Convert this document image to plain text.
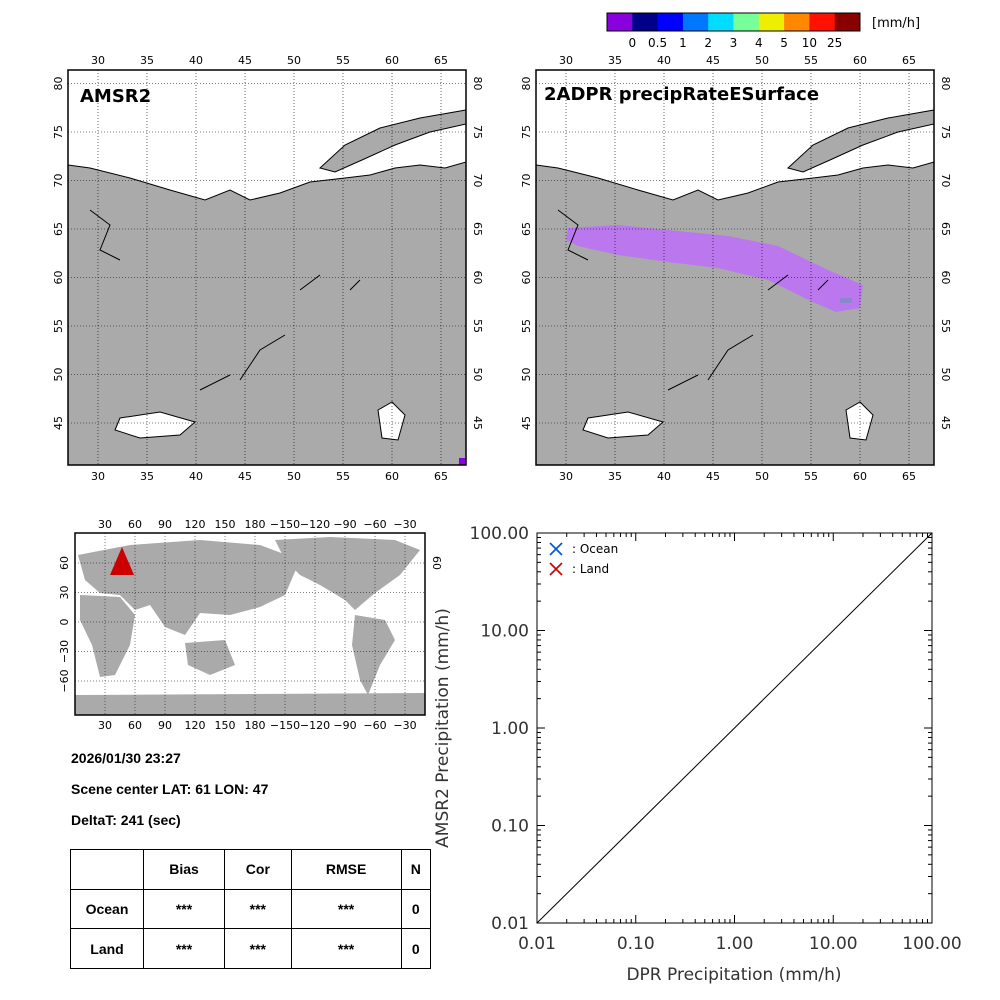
0 0.5 1 2 3 4 5 10 25
[mm/h]
AMSR2
30
30
35
35
40
40
45
45
50
50
55
55
60
60
65
65
45	45
50	50
55	55
60	60
65	65
70	70
75	75
80	80
2ADPR precipRateESurface
30
30
35
35
40
40
45
45
50
50
55
55
60
60
65
65
45	45
50	50
55	55
60	60
65	65
70	70
75	75
80	80
30
30
60
60
90
90
120
120
150
150
180
180
−150
−150
−120
−120
−90
−90
−60
−60
−30
−30
60
30
0
−30
−60
60
2026/01/30 23:27
Scene center LAT: 61 LON: 47
DeltaT: 241 (sec)
	Bias	Cor	RMSE	N
Ocean	***	***	***	0
Land	***	***	***	0	0.01	0.10	1.00	10.00	100.00
0.01
0.10
1.00
10.00
100.00
DPR Precipitation (mm/h)
AMSR2 Precipitation (mm/h)
: Ocean
: Land
